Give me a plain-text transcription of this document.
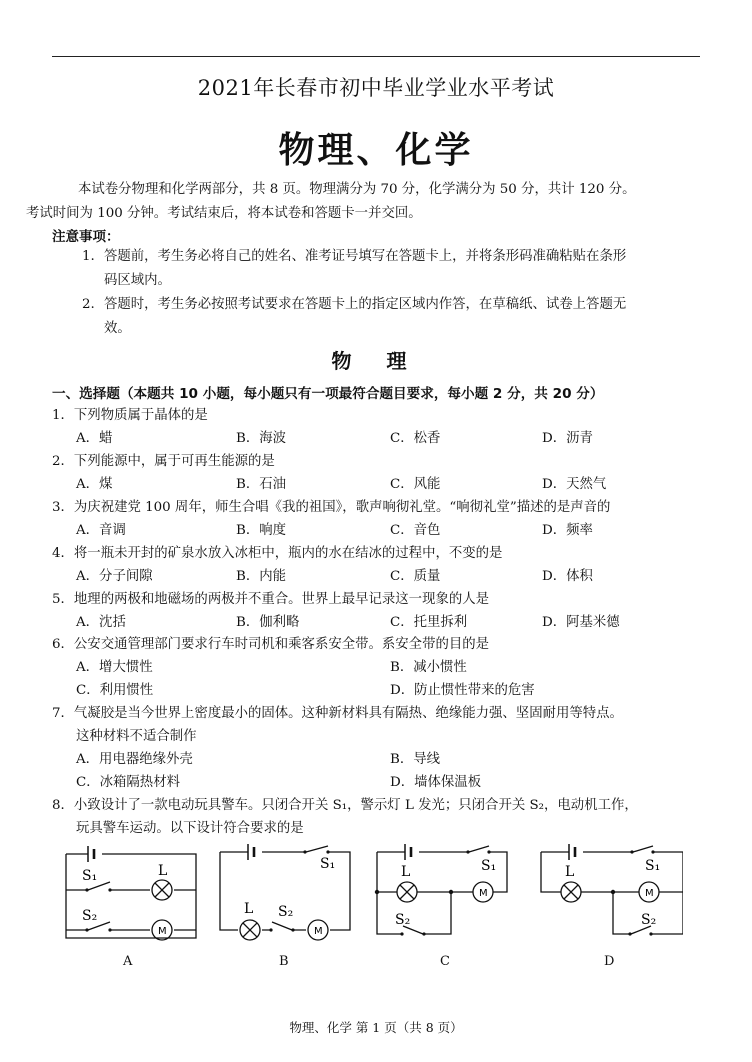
2021年长春市初中毕业学业水平考试
物理、化学
本试卷分物理和化学两部分，共 8 页。物理满分为 70 分，化学满分为 50 分，共计 120 分。
考试时间为 100 分钟。考试结束后，将本试卷和答题卡一并交回。
注意事项：
1. 答题前，考生务必将自己的姓名、准考证号填写在答题卡上，并将条形码准确粘贴在条形
码区域内。
2. 答题时，考生务必按照考试要求在答题卡上的指定区域内作答，在草稿纸、试卷上答题无
效。
物 理
一、选择题（本题共 10 小题，每小题只有一项最符合题目要求，每小题 2 分，共 20 分）
1．下列物质属于晶体的是
A．蜡	B．海波	C．松香	D．沥青
2．下列能源中，属于可再生能源的是
A．煤	B．石油	C．风能	D．天然气
3．为庆祝建党 100 周年，师生合唱《我的祖国》，歌声响彻礼堂。“响彻礼堂”描述的是声音的
A．音调	B．响度	C．音色	D．频率
4．将一瓶未开封的矿泉水放入冰柜中，瓶内的水在结冰的过程中，不变的是
A．分子间隙	B．内能	C．质量	D．体积
5．地理的两极和地磁场的两极并不重合。世界上最早记录这一现象的人是
A．沈括	B．伽利略	C．托里拆利	D．阿基米德
6．公安交通管理部门要求行车时司机和乘客系安全带。系安全带的目的是
A．增大惯性	B．减小惯性
C．利用惯性	D．防止惯性带来的危害
7．气凝胶是当今世界上密度最小的固体。这种新材料具有隔热、绝缘能力强、坚固耐用等特点。
这种材料不适合制作
A．用电器绝缘外壳	B．导线
C．冰箱隔热材料	D．墙体保温板
8．小致设计了一款电动玩具警车。只闭合开关 S₁，警示灯 L 发光；只闭合开关 S₂，电动机工作，
玩具警车运动。以下设计符合要求的是
M
L
S₁
S₂
A
M
L
S₁
S₂
B
M
L	S₁
S₂
C
M
L	S₁
S₂
D
物理、化学 第 1 页（共 8 页）
